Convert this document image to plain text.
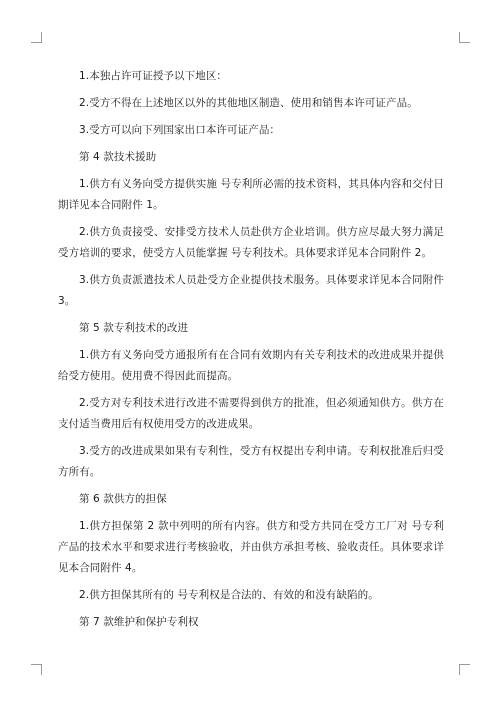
1.本独占许可证授予以下地区：

2.受方不得在上述地区以外的其他地区制造、使用和销售本许可证产品。

3.受方可以向下列国家出口本许可证产品：

第 4 款技术援助

1.供方有义务向受方提供实施 号专利所必需的技术资料，其具体内容和交付日期详见本合同附件 1。

2.供方负责接受、安排受方技术人员赴供方企业培训。供方应尽最大努力满足受方培训的要求，使受方人员能掌握 号专利技术。具体要求详见本合同附件 2。

3.供方负责派遣技术人员赴受方企业提供技术服务。具体要求详见本合同附件 3。

第 5 款专利技术的改进

1.供方有义务向受方通报所有在合同有效期内有关专利技术的改进成果并提供给受方使用。使用费不得因此而提高。

2.受方对专利技术进行改进不需要得到供方的批准，但必须通知供方。供方在支付适当费用后有权使用受方的改进成果。

3.受方的改进成果如果有专利性，受方有权提出专利申请。专利权批准后归受方所有。

第 6 款供方的担保

1.供方担保第 2 款中列明的所有内容。供方和受方共同在受方工厂对 号专利产品的技术水平和要求进行考核验收，并由供方承担考核、验收责任。具体要求详见本合同附件 4。

2.供方担保其所有的 号专利权是合法的、有效的和没有缺陷的。

第 7 款维护和保护专利权
